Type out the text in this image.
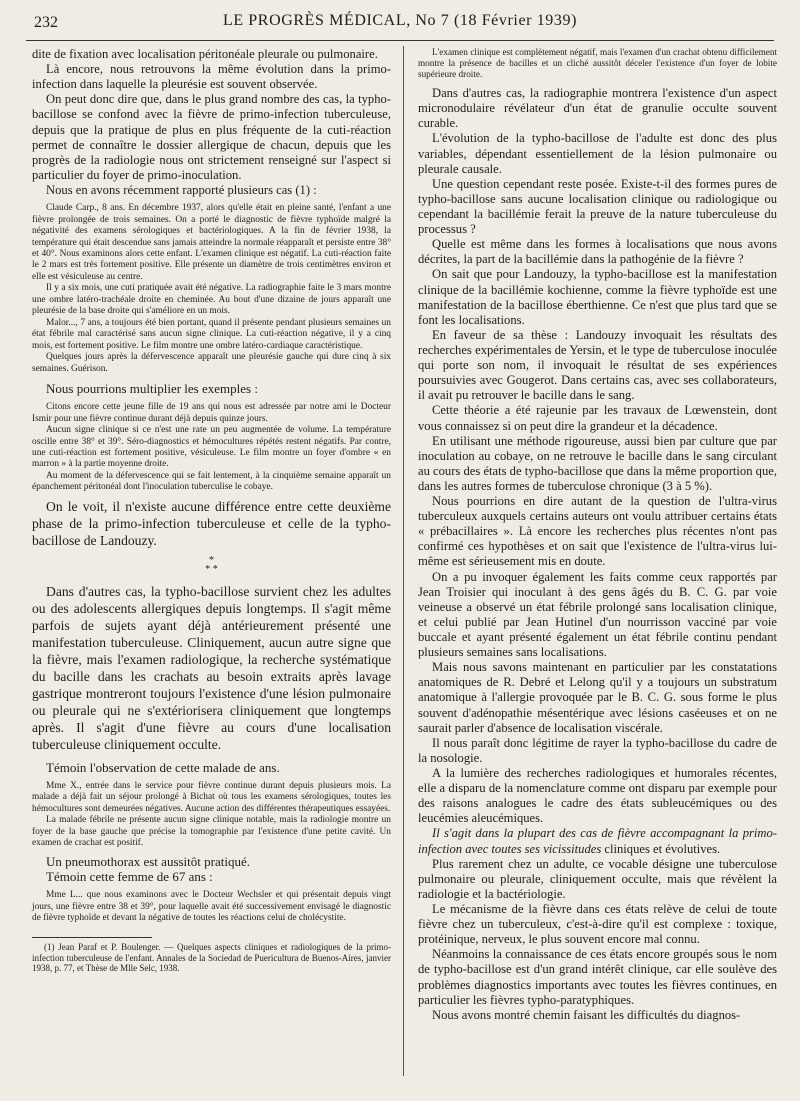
232	LE PROGRÈS MÉDICAL, No 7 (18 Février 1939)

dite de fixation avec localisation péritonéale pleurale ou pulmonaire.

Là encore, nous retrouvons la même évolution dans la primo-infection dans laquelle la pleurésie est souvent observée.

On peut donc dire que, dans le plus grand nombre des cas, la typho-bacillose se confond avec la fièvre de primo-infection tuberculeuse, depuis que la pratique de plus en plus fréquente de la cuti-réaction permet de connaître le dossier allergique de chacun, depuis que les progrès de la radiologie nous ont strictement renseigné sur l'aspect si particulier du foyer de primo-inoculation.

Nous en avons récemment rapporté plusieurs cas (1) :

Claude Carp., 8 ans. En décembre 1937, alors qu'elle était en pleine santé, l'enfant a une fièvre prolongée de trois semaines. On a porté le diagnostic de fièvre typhoïde malgré la négativité des examens sérologiques et bactériologiques. A la fin de février 1938, la température qui était descendue sans jamais atteindre la normale réapparaît et persiste entre 38° et 40°. Nous examinons alors cette enfant. L'examen clinique est négatif. La cuti-réaction faite le 2 mars est très fortement positive. Elle présente un diamètre de trois centimètres environ et elle est vésiculeuse au centre.

Il y a six mois, une cuti pratiquée avait été négative. La radiographie faite le 3 mars montre une ombre latéro-trachéale droite en cheminée. Au bout d'une dizaine de jours apparaît une pleurésie de la base droite qui s'améliore en un mois.

Malor..., 7 ans, a toujours été bien portant, quand il présente pendant plusieurs semaines un état fébrile mal caractérisé sans aucun signe clinique. La cuti-réaction négative, il y a cinq mois, est fortement positive. Le film montre une ombre latéro-cardiaque caractéristique.

Quelques jours après la défervescence apparaît une pleurésie gauche qui dure cinq à six semaines. Guérison.

Nous pourrions multiplier les exemples :

Citons encore cette jeune fille de 19 ans qui nous est adressée par notre ami le Docteur Ismir pour une fièvre continue durant déjà depuis quinze jours.

Aucun signe clinique si ce n'est une rate un peu augmentée de volume. La température oscille entre 38° et 39°. Séro-diagnostics et hémocultures répétés restent négatifs. Par contre, une cuti-réaction est fortement positive, vésiculeuse. Le film montre un foyer d'ombre « en marron » à la partie moyenne droite.

Au moment de la défervescence qui se fait lentement, à la cinquième semaine apparaît un épanchement péritonéal dont l'inoculation tuberculise le cobaye.

On le voit, il n'existe aucune différence entre cette deuxième phase de la primo-infection tuberculeuse et celle de la typho-bacillose de Landouzy.

*
* *

Dans d'autres cas, la typho-bacillose survient chez les adultes ou des adolescents allergiques depuis longtemps. Il s'agit même parfois de sujets ayant déjà antérieurement présenté une manifestation tuberculeuse. Cliniquement, aucun autre signe que la fièvre, mais l'examen radiologique, la recherche systématique du bacille dans les crachats au besoin extraits après lavage gastrique montreront toujours l'existence d'une lésion pulmonaire ou pleurale qui ne s'extériorisera cliniquement que longtemps après. Il s'agit d'une fièvre au cours d'une localisation tuberculeuse cliniquement occulte.

Témoin l'observation de cette malade de ans.

Mme X., entrée dans le service pour fièvre continue durant depuis plusieurs mois. La malade a déjà fait un séjour prolongé à Bichat où tous les examens sérologiques, toutes les hémocultures sont demeurées négatives. Aucune action des différentes thérapeutiques essayées.

La malade fébrile ne présente aucun signe clinique notable, mais la radiologie montre un foyer de la base gauche que précise la tomographie par l'existence d'une petite cavité. Un examen de crachat est positif.

Un pneumothorax est aussitôt pratiqué.

Témoin cette femme de 67 ans :

Mme L... que nous examinons avec le Docteur Wechsler et qui présentait depuis vingt jours, une fièvre entre 38 et 39°, pour laquelle avait été successivement envisagé le diagnostic de fièvre typhoïde et devant la négative de toutes les réactions celui de cholécystite.

(1) Jean Paraf et P. Boulenger. — Quelques aspects cliniques et radiologiques de la primo-infection tuberculeuse de l'enfant. Annales de la Sociedad de Puericultura de Buenos-Aires, janvier 1938, p. 77, et Thèse de Mlle Selc, 1938.

L'examen clinique est complètement négatif, mais l'examen d'un crachat obtenu difficilement montre la présence de bacilles et un cliché aussitôt déceler l'existence d'un foyer de lobite supérieure droite.

Dans d'autres cas, la radiographie montrera l'existence d'un aspect micronodulaire révélateur d'un état de granulie occulte souvent curable.

L'évolution de la typho-bacillose de l'adulte est donc des plus variables, dépendant essentiellement de la lésion pulmonaire ou pleurale causale.

Une question cependant reste posée. Existe-t-il des formes pures de typho-bacillose sans aucune localisation clinique ou radiologique ou cependant la bacillémie ferait la preuve de la nature tuberculeuse du processus ?

Quelle est même dans les formes à localisations que nous avons décrites, la part de la bacillémie dans la pathogénie de la fièvre ?

On sait que pour Landouzy, la typho-bacillose est la manifestation clinique de la bacillémie kochienne, comme la fièvre typhoïde est une manifestation de la bacillose éberthienne. Ce n'est que plus tard que se font les localisations.

En faveur de sa thèse : Landouzy invoquait les résultats des recherches expérimentales de Yersin, et le type de tuberculose inoculée qui porte son nom, il invoquait le résultat de ses expériences poursuivies avec Gougerot. Dans certains cas, avec ses collaborateurs, il avait pu retrouver le bacille dans le sang.

Cette théorie a été rajeunie par les travaux de Lœwenstein, dont vous connaissez si on peut dire la grandeur et la décadence.

En utilisant une méthode rigoureuse, aussi bien par culture que par inoculation au cobaye, on ne retrouve le bacille dans le sang circulant au cours des états de typho-bacillose que dans la même proportion que, dans les autres formes de tuberculose chronique (3 à 5 %).

Nous pourrions en dire autant de la question de l'ultra-virus tuberculeux auxquels certains auteurs ont voulu attribuer certains états « prébacillaires ». Là encore les recherches plus récentes n'ont pas confirmé ces hypothèses et on sait que l'existence de l'ultra-virus lui-même est sérieusement mis en doute.

On a pu invoquer également les faits comme ceux rapportés par Jean Troisier qui inoculant à des gens âgés du B. C. G. par voie veineuse a observé un état fébrile prolongé sans localisation clinique, et celui publié par Jean Hutinel d'un nourrisson vacciné par voie buccale et ayant présenté également un état fébrile continu pendant plusieurs semaines sans localisations.

Mais nous savons maintenant en particulier par les constatations anatomiques de R. Debré et Lelong qu'il y a toujours un substratum anatomique à l'allergie provoquée par le B. C. G. sous forme le plus souvent d'adénopathie mésentérique avec lésions caséeuses et on ne saurait parler d'absence de localisation viscérale.

Il nous paraît donc légitime de rayer la typho-bacillose du cadre de la nosologie.

A la lumière des recherches radiologiques et humorales récentes, elle a disparu de la nomenclature comme ont disparu par exemple pour des raisons analogues le cadre des états subleucémiques ou des leucémies aleucémiques.

Il s'agit dans la plupart des cas de fièvre accompagnant la primo-infection avec toutes ses vicissitudes cliniques et évolutives.

Plus rarement chez un adulte, ce vocable désigne une tuberculose pulmonaire ou pleurale, cliniquement occulte, mais que révèlent la radiologie et la bactériologie.

Le mécanisme de la fièvre dans ces états relève de celui de toute fièvre chez un tuberculeux, c'est-à-dire qu'il est complexe : toxique, protéinique, nerveux, le plus souvent encore mal connu.

Néanmoins la connaissance de ces états encore groupés sous le nom de typho-bacillose est d'un grand intérêt clinique, car elle soulève des problèmes diagnostics importants avec toutes les fièvres continues, en particulier les fièvres typho-paratyphiques.

Nous avons montré chemin faisant les difficultés du diagnos-
